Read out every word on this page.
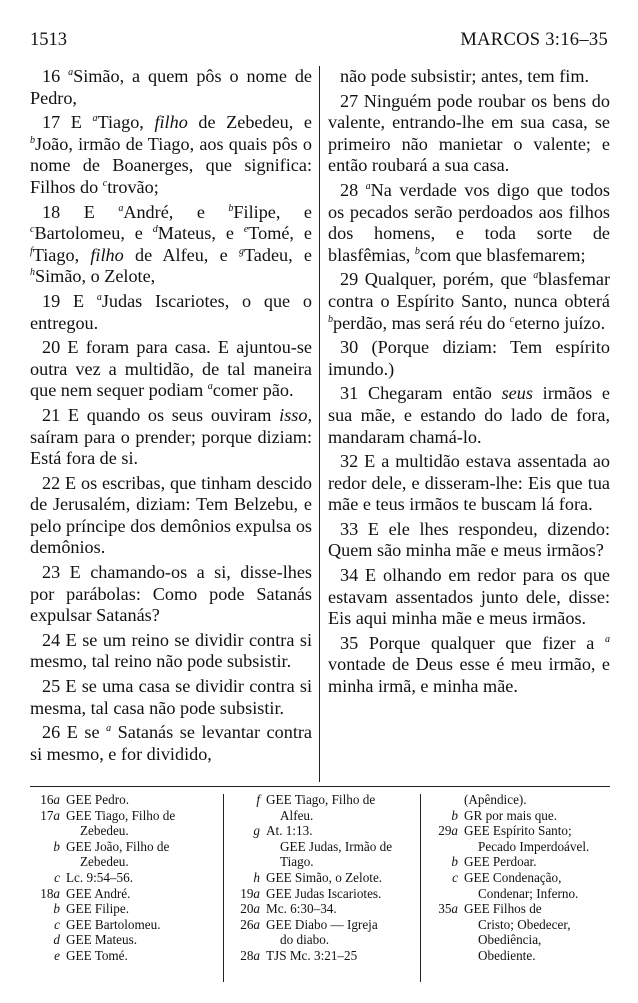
1513	MARCOS 3:16–35

16 $^a$Simão, a quem pôs o nome de Pedro,

17 E $^a$Tiago, filho de Zebedeu, e $^b$João, irmão de Tiago, aos quais pôs o nome de Boanerges, que significa: Filhos do $^c$trovão;

18 E $^a$André, e $^b$Filipe, e $^c$Bartolomeu, e $^d$Mateus, e $^e$Tomé, e $^f$Tiago, filho de Alfeu, e $^g$Tadeu, e $^h$Simão, o Zelote,

19 E $^a$Judas Iscariotes, o que o entregou.

20 E foram para casa. E ajuntou-se outra vez a multidão, de tal maneira que nem sequer podiam $^a$comer pão.

21 E quando os seus ouviram isso, saíram para o prender; porque diziam: Está fora de si.

22 E os escribas, que tinham descido de Jerusalém, diziam: Tem Belzebu, e pelo príncipe dos demônios expulsa os demônios.

23 E chamando-os a si, disse-lhes por parábolas: Como pode Satanás expulsar Satanás?

24 E se um reino se dividir contra si mesmo, tal reino não pode subsistir.

25 E se uma casa se dividir contra si mesma, tal casa não pode subsistir.

26 E se $^a$ Satanás se levantar contra si mesmo, e for dividido,

não pode subsistir; antes, tem fim.

27 Ninguém pode roubar os bens do valente, entrando-lhe em sua casa, se primeiro não manietar o valente; e então roubará a sua casa.

28 $^a$Na verdade vos digo que todos os pecados serão perdoados aos filhos dos homens, e toda sorte de blasfêmias, $^b$com que blasfemarem;

29 Qualquer, porém, que $^a$blasfemar contra o Espírito Santo, nunca obterá $^b$perdão, mas será réu do $^c$eterno juízo.

30 (Porque diziam: Tem espírito imundo.)

31 Chegaram então seus irmãos e sua mãe, e estando do lado de fora, mandaram chamá-lo.

32 E a multidão estava assentada ao redor dele, e disseram-lhe: Eis que tua mãe e teus irmãos te buscam lá fora.

33 E ele lhes respondeu, dizendo: Quem são minha mãe e meus irmãos?

34 E olhando em redor para os que estavam assentados junto dele, disse: Eis aqui minha mãe e meus irmãos.

35 Porque qualquer que fizer a $^a$ vontade de Deus esse é meu irmão, e minha irmã, e minha mãe.

16a GEE Pedro.
17a GEE Tiago, Filho de
Zebedeu.
b GEE João, Filho de
Zebedeu.
c Lc. 9:54–56.
18a GEE André.
b GEE Filipe.
c GEE Bartolomeu.
d GEE Mateus.
e GEE Tomé.
f GEE Tiago, Filho de
Alfeu.
g At. 1:13.
GEE Judas, Irmão de
Tiago.
h GEE Simão, o Zelote.
19a GEE Judas Iscariotes.
20a Mc. 6:30–34.
26a GEE Diabo — Igreja
do diabo.
28a TJS Mc. 3:21–25
(Apêndice).
b GR por mais que.
29a GEE Espírito Santo;
Pecado Imperdoável.
b GEE Perdoar.
c GEE Condenação,
Condenar; Inferno.
35a GEE Filhos de
Cristo; Obedecer,
Obediência,
Obediente.
